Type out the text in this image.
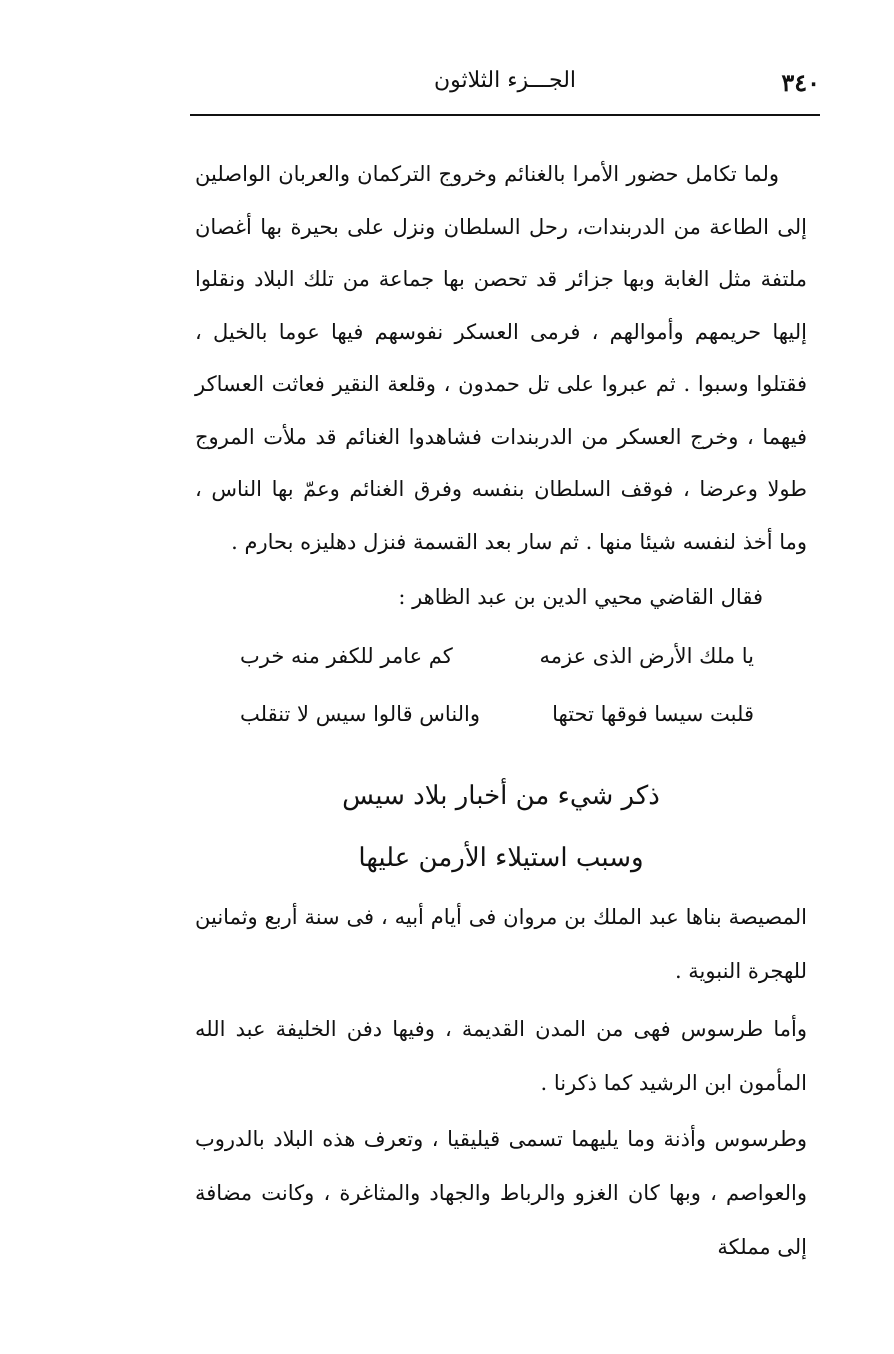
٣٤٠
الجـــزء الثلاثون

ولما تكامل حضور الأمرا بالغنائم وخروج التركمان والعربان الواصلين إلى الطاعة من الدربندات، رحل السلطان ونزل على بحيرة بها أغصان ملتفة مثل الغابة وبها جزائر قد تحصن بها جماعة من تلك البلاد ونقلوا إليها حريمهم وأموالهم ، فرمى العسكر نفوسهم فيها عوما بالخيل ، فقتلوا وسبوا . ثم عبروا على تل حمدون ، وقلعة النقير فعاثت العساكر فيهما ، وخرج العسكر من الدربندات فشاهدوا الغنائم قد ملأت المروج طولا وعرضا ، فوقف السلطان بنفسه وفرق الغنائم وعمّ بها الناس ، وما أخذ لنفسه شيئا منها . ثم سار بعد القسمة فنزل دهليزه بحارم .

فقال القاضي محيي الدين بن عبد الظاهر :
يا ملك الأرض الذى عزمه
كم عامر للكفر منه خرب
قلبت سيسا فوقها تحتها
والناس قالوا سيس لا تنقلب
ذكر شيء من أخبار بلاد سيس
وسبب استيلاء الأرمن عليها
المصيصة بناها عبد الملك بن مروان فى أيام أبيه ، فى سنة أربع وثمانين للهجرة النبوية .
وأما طرسوس فهى من المدن القديمة ، وفيها دفن الخليفة عبد الله المأمون ابن الرشيد كما ذكرنا .
وطرسوس وأذنة وما يليهما تسمى قيليقيا ، وتعرف هذه البلاد بالدروب والعواصم ، وبها كان الغزو والرباط والجهاد والمثاغرة ، وكانت مضافة إلى مملكة
